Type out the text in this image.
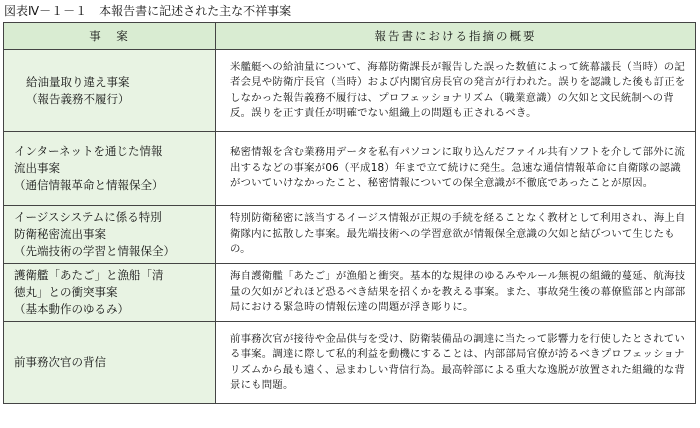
図表Ⅳ－１－１　本報告書に記述された主な不祥事案
事　案	報告書における指摘の概要

給油量取り違え事案
（報告義務不履行）	米艦艇への給油量について、海幕防衛課長が報告した誤った数値によって統幕議長（当時）の記者会見や防衛庁長官（当時）および内閣官房長官の発言が行われた。誤りを認識した後も訂正をしなかった報告義務不履行は、プロフェッショナリズム（職業意識）の欠如と文民統制への背反。誤りを正す責任が明確でない組織上の問題も正されるべき。

インターネットを通じた情報
流出事案
（通信情報革命と情報保全）	秘密情報を含む業務用データを私有パソコンに取り込んだファイル共有ソフトを介して部外に流出するなどの事案が06（平成18）年まで立て続けに発生。急速な通信情報革命に自衛隊の認識がついていけなかったこと、秘密情報についての保全意識が不徹底であったことが原因。

イージスシステムに係る特別
防衛秘密流出事案
（先端技術の学習と情報保全）	特別防衛秘密に該当するイージス情報が正規の手続を経ることなく教材として利用され、海上自衛隊内に拡散した事案。最先端技術への学習意欲が情報保全意識の欠如と結びついて生じたもの。

護衛艦「あたご」と漁船「清
徳丸」との衝突事案
（基本動作のゆるみ）	海自護衛艦「あたご」が漁船と衝突。基本的な規律のゆるみやルール無視の組織的蔓延、航海技量の欠如がどれほど恐るべき結果を招くかを教える事案。また、事故発生後の幕僚監部と内部部局における緊急時の情報伝達の問題が浮き彫りに。

前事務次官の背信	前事務次官が接待や金品供与を受け、防衛装備品の調達に当たって影響力を行使したとされている事案。調達に際して私的利益を動機にすることは、内部部局官僚が誇るべきプロフェッショナリズムから最も遠く、忌まわしい背信行為。最高幹部による重大な逸脱が放置された組織的な背景にも問題。
